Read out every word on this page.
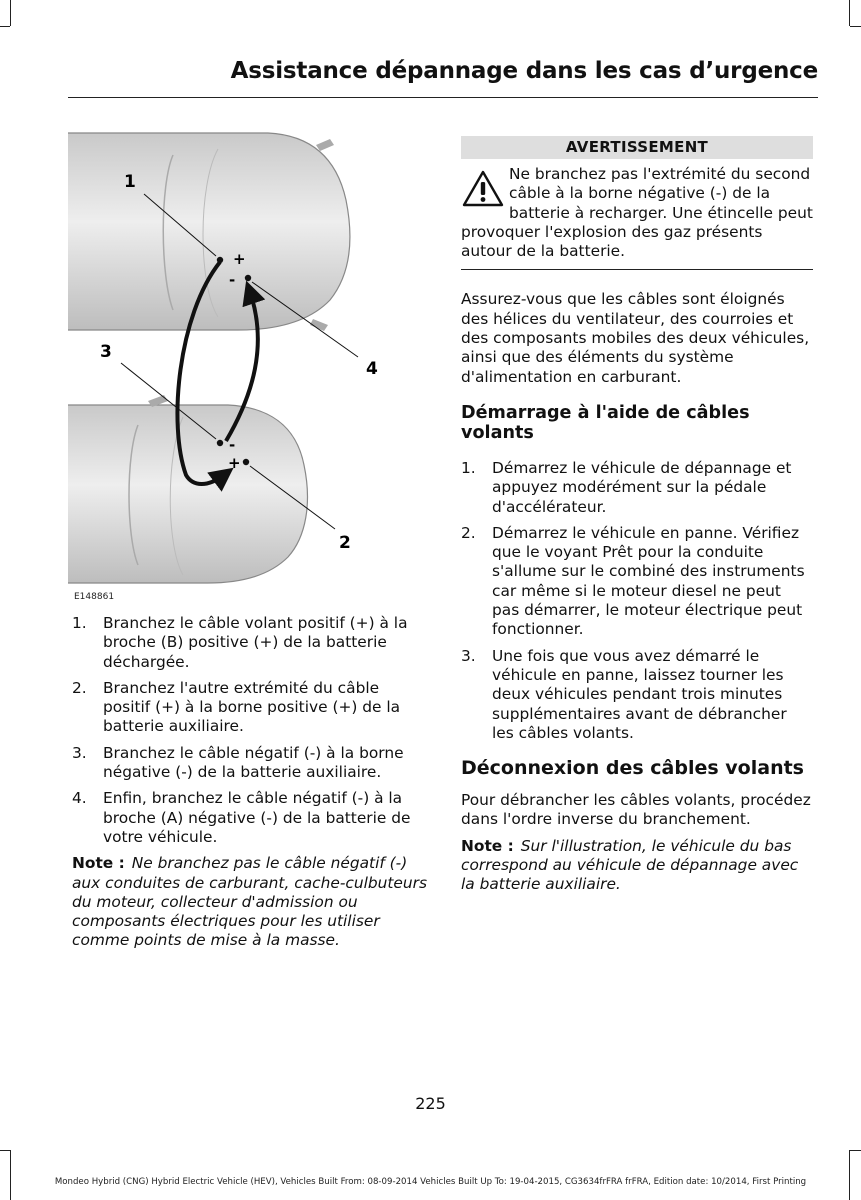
Assistance dépannage dans les cas d’urgence
+
-
-
+
1
2
3
4
E148861
1.	Branchez le câble volant positif (+) à la broche (B) positive (+) de la batterie déchargée.
2.	Branchez l'autre extrémité du câble positif (+) à la borne positive (+) de la batterie auxiliaire.
3.	Branchez le câble négatif (-) à la borne négative (-) de la batterie auxiliaire.
4.	Enfin, branchez le câble négatif (-) à la broche (A) négative (-) de la batterie de votre véhicule.

Note : Ne branchez pas le câble négatif (-) aux conduites de carburant, cache-culbuteurs du moteur, collecteur d'admission ou composants électriques pour les utiliser comme points de mise à la masse.

AVERTISSEMENT
Ne branchez pas l'extrémité du second câble à la borne négative (-) de la batterie à recharger. Une étincelle peut provoquer l'explosion des gaz présents autour de la batterie.

Assurez-vous que les câbles sont éloignés des hélices du ventilateur, des courroies et des composants mobiles des deux véhicules, ainsi que des éléments du système d'alimentation en carburant.

Démarrage à l'aide de câbles volants
1.	Démarrez le véhicule de dépannage et appuyez modérément sur la pédale d'accélérateur.
2.	Démarrez le véhicule en panne. Vérifiez que le voyant Prêt pour la conduite s'allume sur le combiné des instruments car même si le moteur diesel ne peut pas démarrer, le moteur électrique peut fonctionner.
3.	Une fois que vous avez démarré le véhicule en panne, laissez tourner les deux véhicules pendant trois minutes supplémentaires avant de débrancher les câbles volants.
Déconnexion des câbles volants

Pour débrancher les câbles volants, procédez dans l'ordre inverse du branchement.

Note : Sur l'illustration, le véhicule du bas correspond au véhicule de dépannage avec la batterie auxiliaire.

225
Mondeo Hybrid (CNG) Hybrid Electric Vehicle (HEV), Vehicles Built From: 08-09-2014 Vehicles Built Up To: 19-04-2015, CG3634frFRA frFRA, Edition date: 10/2014, First Printing
